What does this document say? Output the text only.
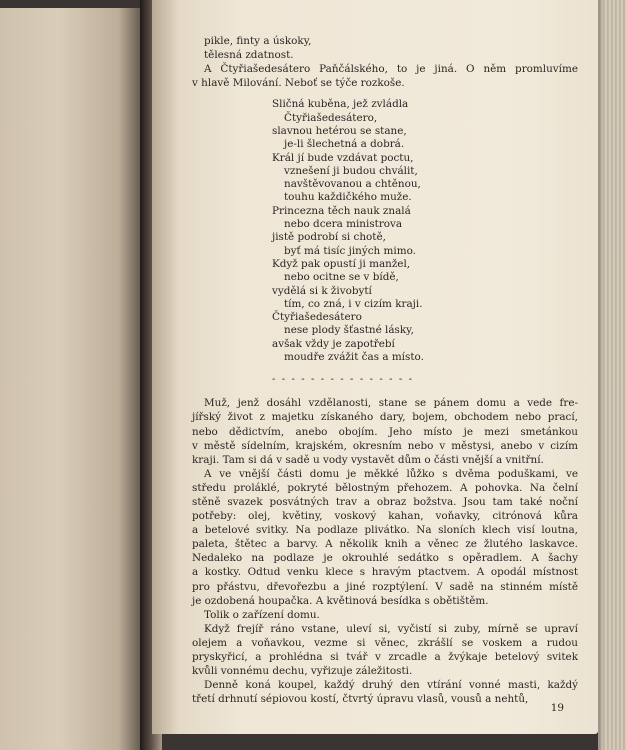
pikle, finty a úskoky,
tělesná zdatnost.
A Čtyřiašedesátero Paňčálského, to je jiná. O něm promluvíme
v hlavě Milování. Neboť se týče rozkoše.
Sličná kuběna, jež zvládla
Čtyřiašedesátero,
slavnou hetérou se stane,
je-li šlechetná a dobrá.
Král jí bude vzdávat poctu,
vznešení ji budou chválit,
navštěvovanou a chtěnou,
touhu každičkého muže.
Princezna těch nauk znalá
nebo dcera ministrova
jistě podrobí si chotě,
byť má tisíc jiných mimo.
Když pak opustí ji manžel,
nebo ocitne se v bídě,
vydělá si k živobytí
tím, co zná, i v cizím kraji.
Čtyřiašedesátero
nese plody šťastné lásky,
avšak vždy je zapotřebí
moudře zvážit čas a místo.
- - - - - - - - - - - - - - -
Muž, jenž dosáhl vzdělanosti, stane se pánem domu a vede fre-
jířský život z majetku získaného dary, bojem, obchodem nebo prací,
nebo dědictvím, anebo obojím. Jeho místo je mezi smetánkou
v městě sídelním, krajském, okresním nebo v městysi, anebo v cizím
kraji. Tam si dá v sadě u vody vystavět dům o části vnější a vnitřní.
A ve vnější části domu je měkké lůžko s dvěma poduškami, ve
středu proláklé, pokryté bělostným přehozem. A pohovka. Na čelní
stěně svazek posvátných trav a obraz božstva. Jsou tam také noční
potřeby: olej, květiny, voskový kahan, voňavky, citrónová kůra
a betelové svitky. Na podlaze plivátko. Na sloních klech visí loutna,
paleta, štětec a barvy. A několik knih a věnec ze žlutého laskavce.
Nedaleko na podlaze je okrouhlé sedátko s opěradlem. A šachy
a kostky. Odtud venku klece s hravým ptactvem. A opodál místnost
pro přástvu, dřevořezbu a jiné rozptýlení. V sadě na stinném místě
je ozdobená houpačka. A květinová besídka s obětištěm.
Tolik o zařízení domu.
Když frejíř ráno vstane, uleví si, vyčistí si zuby, mírně se upraví
olejem a voňavkou, vezme si věnec, zkrášlí se voskem a rudou
pryskyřicí, a prohlédna si tvář v zrcadle a žvýkaje betelový svitek
kvůli vonnému dechu, vyřizuje záležitosti.
Denně koná koupel, každý druhý den vtírání vonné masti, každý
třetí drhnutí sépiovou kostí, čtvrtý úpravu vlasů, vousů a nehtů,
19
